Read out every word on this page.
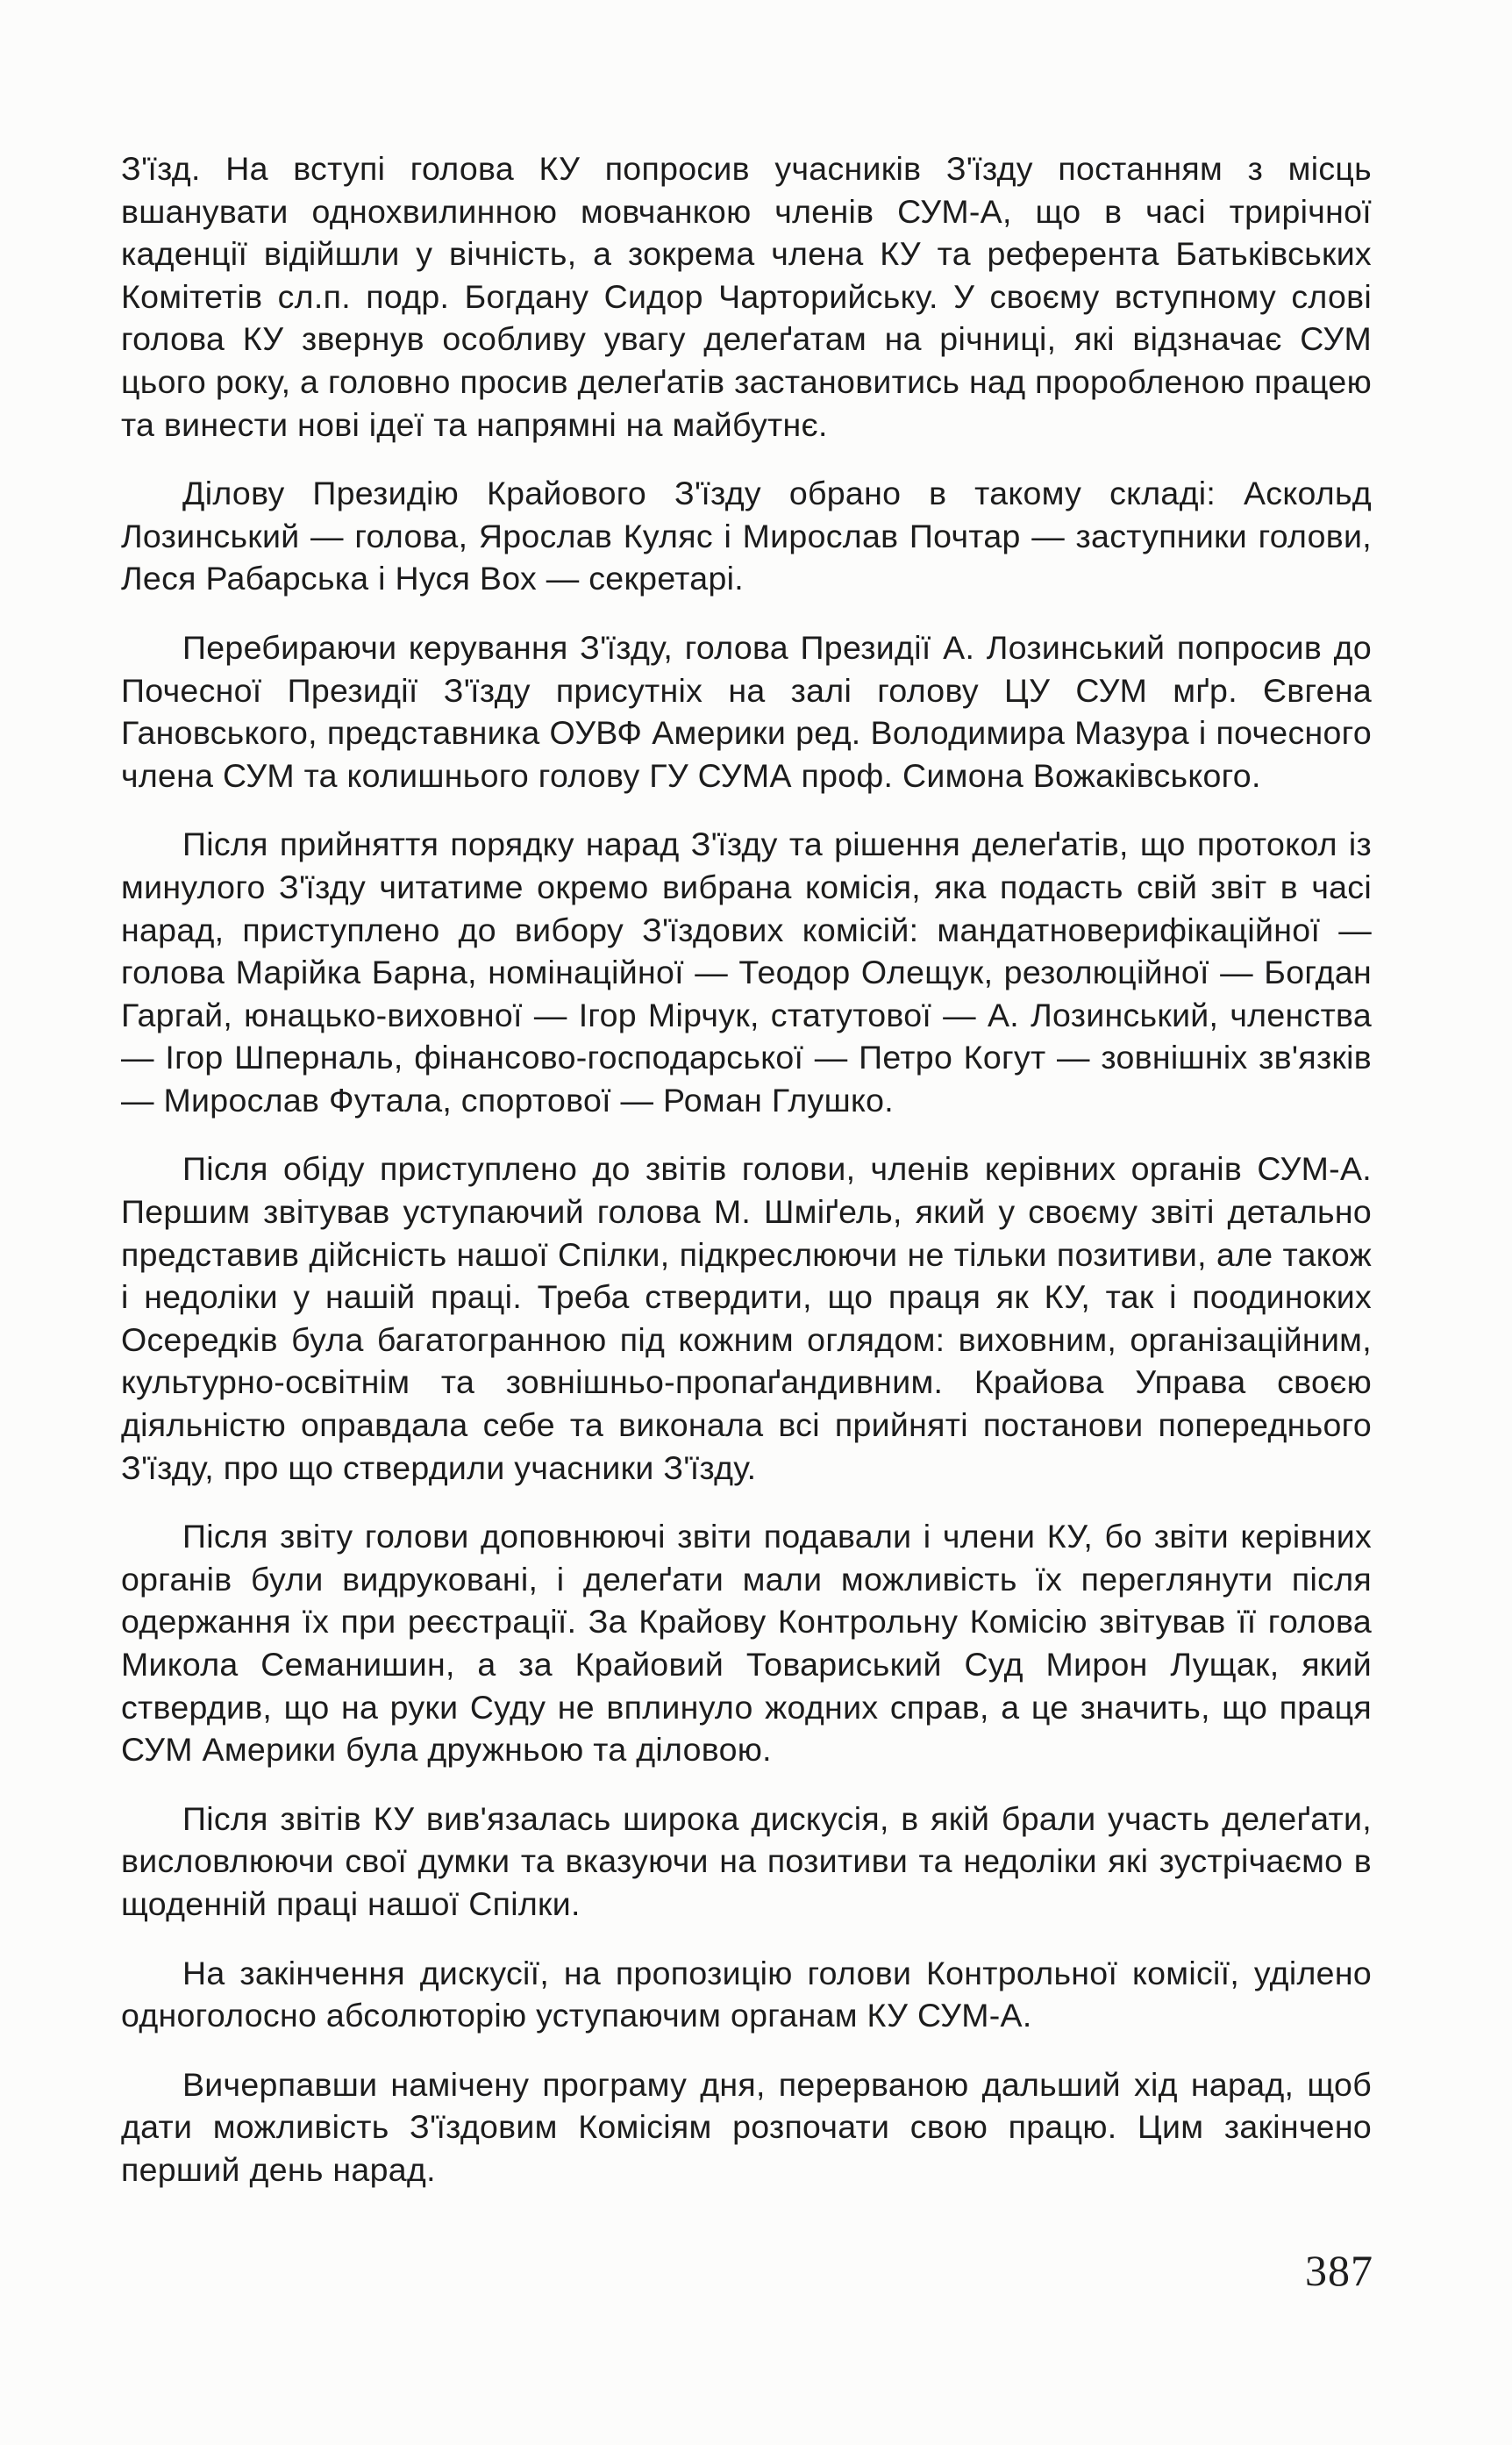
З'їзд. На вступі голова КУ попросив учасників З'їзду постанням з місць вшанувати однохвилинною мовчанкою членів СУМ-А, що в часі трирічної каденції відійшли у вічність, а зокрема члена КУ та референта Батьківських Комітетів сл.п. подр. Богдану Сидор Чарторийську. У своєму вступному слові голова КУ звернув особливу увагу делеґатам на річниці, які відзначає СУМ цього року, а головно просив делеґатів застановитись над проробленою працею та винести нові ідеї та напрямні на майбутнє.

Ділову Президію Крайового З'їзду обрано в такому складі: Аскольд Лозинський — голова, Ярослав Куляс і Мирослав Почтар — заступники голови, Леся Рабарська і Нуся Вох — секретарі.

Перебираючи керування З'їзду, голова Президії А. Лозинський попросив до Почесної Президії З'їзду присутніх на залі голову ЦУ СУМ мґр. Євгена Гановського, представника ОУВФ Америки ред. Володимира Мазура і почесного члена СУМ та колишнього голову ГУ СУМА проф. Симона Вожаківського.

Після прийняття порядку нарад З'їзду та рішення делеґатів, що протокол із минулого З'їзду читатиме окремо вибрана комісія, яка подасть свій звіт в часі нарад, приступлено до вибору З'їздових комісій: мандатноверифікаційної — голова Марійка Барна, номінаційної — Теодор Олещук, резолюційної — Богдан Гаргай, юнацько-виховної — Ігор Мірчук, статутової — А. Лозинський, членства — Ігор Шперналь, фінансово-господарської — Петро Когут — зовнішніх зв'язків — Мирослав Футала, спортової — Роман Глушко.

Після обіду приступлено до звітів голови, членів керівних органів СУМ-А. Першим звітував уступаючий голова М. Шміґель, який у своєму звіті детально представив дійсність нашої Спілки, підкреслюючи не тільки позитиви, але також і недоліки у нашій праці. Треба ствердити, що праця як КУ, так і поодиноких Осередків була багатогранною під кожним оглядом: виховним, організаційним, культурно-освітнім та зовнішньо-пропаґандивним. Крайова Управа своєю діяльністю оправдала себе та виконала всі прийняті постанови попереднього З'їзду, про що ствердили учасники З'їзду.

Після звіту голови доповнюючі звіти подавали і члени КУ, бо звіти керівних органів були видруковані, і делеґати мали можливість їх переглянути після одержання їх при реєстрації. За Крайову Контрольну Комісію звітував її голова Микола Семанишин, а за Крайовий Товариський Суд Мирон Лущак, який ствердив, що на руки Суду не вплинуло жодних справ, а це значить, що праця СУМ Америки була дружньою та діловою.

Після звітів КУ вив'язалась широка дискусія, в якій брали участь делеґати, висловлюючи свої думки та вказуючи на позитиви та недоліки які зустрічаємо в щоденній праці нашої Спілки.

На закінчення дискусії, на пропозицію голови Контрольної комісії, уділено одноголосно абсолюторію уступаючим органам КУ СУМ-А.

Вичерпавши намічену програму дня, перерваною дальший хід нарад, щоб дати можливість З'їздовим Комісіям розпочати свою працю. Цим закінчено перший день нарад.

387
